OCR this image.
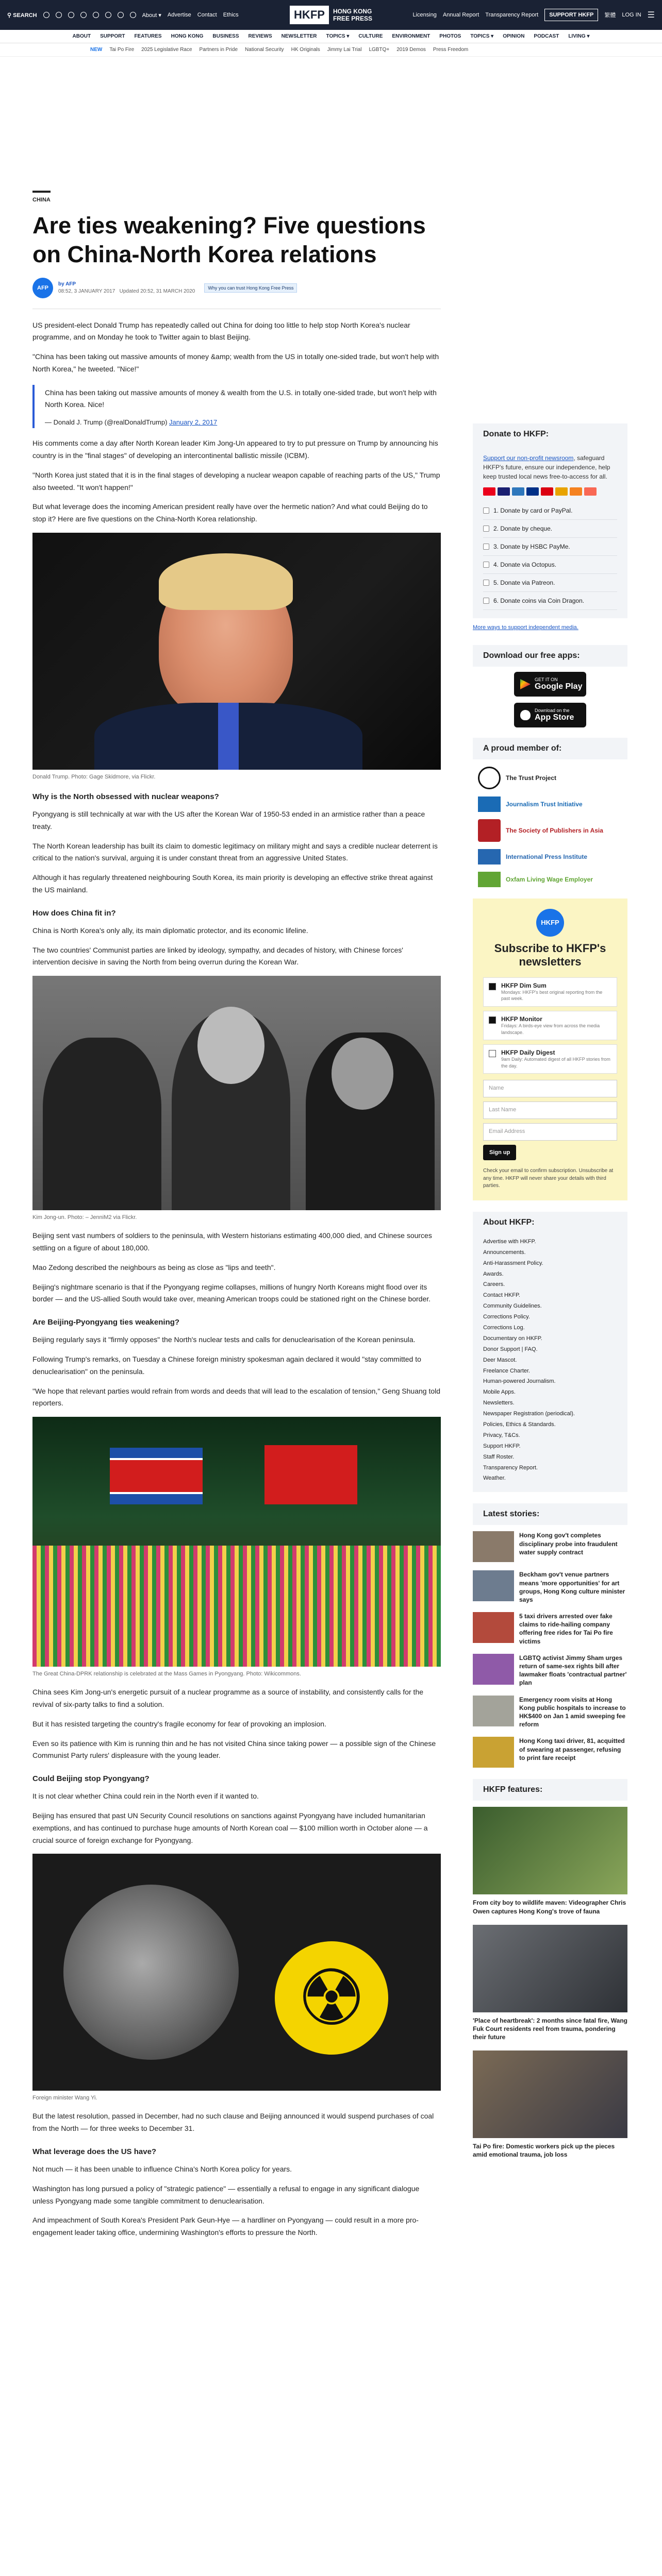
⚲ SEARCH	About ▾ Advertise Contact Ethics	HKFP	HONG KONG
FREE PRESS	Licensing Annual Report Transparency Report	SUPPORT HKFP	繁體 LOG IN ☰
ABOUT SUPPORT FEATURES HONG KONG BUSINESS REVIEWS NEWSLETTER TOPICS ▾ CULTURE ENVIRONMENT PHOTOS TOPICS ▾ OPINION PODCAST LIVING ▾
NEW Tai Po Fire 2025 Legislative Race Partners in Pride National Security HK Originals Jimmy Lai Trial LGBTQ+ 2019 Demos Press Freedom
CHINA
Are ties weakening? Five questions on China-North Korea relations
AFP
by AFP
08:52, 3 JANUARY 2017 Updated 20:52, 31 MARCH 2020
Why you can trust Hong Kong Free Press

US president-elect Donald Trump has repeatedly called out China for doing too little to help stop North Korea's nuclear programme, and on Monday he took to Twitter again to blast Beijing.

"China has been taking out massive amounts of money &amp; wealth from the US in totally one-sided trade, but won't help with North Korea," he tweeted. "Nice!"

China has been taking out massive amounts of money & wealth from the U.S. in totally one-sided trade, but won't help with North Korea. Nice!

— Donald J. Trump (@realDonaldTrump) January 2, 2017

His comments come a day after North Korean leader Kim Jong-Un appeared to try to put pressure on Trump by announcing his country is in the "final stages" of developing an intercontinental ballistic missile (ICBM).

"North Korea just stated that it is in the final stages of developing a nuclear weapon capable of reaching parts of the US," Trump also tweeted. "It won't happen!"

But what leverage does the incoming American president really have over the hermetic nation? And what could Beijing do to stop it? Here are five questions on the China-North Korea relationship.

Donald Trump. Photo: Gage Skidmore, via Flickr.
Why is the North obsessed with nuclear weapons?

Pyongyang is still technically at war with the US after the Korean War of 1950-53 ended in an armistice rather than a peace treaty.

The North Korean leadership has built its claim to domestic legitimacy on military might and says a credible nuclear deterrent is critical to the nation's survival, arguing it is under constant threat from an aggressive United States.

Although it has regularly threatened neighbouring South Korea, its main priority is developing an effective strike threat against the US mainland.

How does China fit in?

China is North Korea's only ally, its main diplomatic protector, and its economic lifeline.

The two countries' Communist parties are linked by ideology, sympathy, and decades of history, with Chinese forces' intervention decisive in saving the North from being overrun during the Korean War.

Kim Jong-un. Photo: – JenniM2 via Flickr.

Beijing sent vast numbers of soldiers to the peninsula, with Western historians estimating 400,000 died, and Chinese sources settling on a figure of about 180,000.

Mao Zedong described the neighbours as being as close as "lips and teeth".

Beijing's nightmare scenario is that if the Pyongyang regime collapses, millions of hungry North Koreans might flood over its border — and the US-allied South would take over, meaning American troops could be stationed right on the Chinese border.

Are Beijing-Pyongyang ties weakening?

Beijing regularly says it "firmly opposes" the North's nuclear tests and calls for denuclearisation of the Korean peninsula.

Following Trump's remarks, on Tuesday a Chinese foreign ministry spokesman again declared it would "stay committed to denuclearisation" on the peninsula.

"We hope that relevant parties would refrain from words and deeds that will lead to the escalation of tension," Geng Shuang told reporters.

The Great China-DPRK relationship is celebrated at the Mass Games in Pyongyang. Photo: Wikicommons.

China sees Kim Jong-un's energetic pursuit of a nuclear programme as a source of instability, and consistently calls for the revival of six-party talks to find a solution.

But it has resisted targeting the country's fragile economy for fear of provoking an implosion.

Even so its patience with Kim is running thin and he has not visited China since taking power — a possible sign of the Chinese Communist Party rulers' displeasure with the young leader.

Could Beijing stop Pyongyang?

It is not clear whether China could rein in the North even if it wanted to.

Beijing has ensured that past UN Security Council resolutions on sanctions against Pyongyang have included humanitarian exemptions, and has continued to purchase huge amounts of North Korean coal — $100 million worth in October alone — a crucial source of foreign exchange for Pyongyang.

☢
Foreign minister Wang Yi.

But the latest resolution, passed in December, had no such clause and Beijing announced it would suspend purchases of coal from the North — for three weeks to December 31.

What leverage does the US have?

Not much — it has been unable to influence China's North Korea policy for years.

Washington has long pursued a policy of "strategic patience" — essentially a refusal to engage in any significant dialogue unless Pyongyang made some tangible commitment to denuclearisation.

And impeachment of South Korea's President Park Geun-Hye — a hardliner on Pyongyang — could result in a more pro-engagement leader taking office, undermining Washington's efforts to pressure the North.

Donate to HKFP:
Support our non-profit newsroom, safeguard HKFP's future, ensure our independence, help keep trusted local news free-to-access for all.
1. Donate by card or PayPal.
2. Donate by cheque.
3. Donate by HSBC PayMe.
4. Donate via Octopus.
5. Donate via Patreon.
6. Donate coins via Coin Dragon.
More ways to support independent media.
Download our free apps:
GET IT ON
Google Play
Download on the
App Store
A proud member of:
The Trust Project
Journalism Trust Initiative
The Society of Publishers in Asia
International Press Institute
Oxfam Living Wage Employer
HKFP
Subscribe to HKFP's newsletters
HKFP Dim Sum
Mondays: HKFP's best original reporting from the past week.
HKFP Monitor
Fridays: A birds-eye view from across the media landscape.
HKFP Daily Digest
9am Daily: Automated digest of all HKFP stories from the day.
Name
Last Name
Email Address
Sign up
Check your email to confirm subscription. Unsubscribe at any time. HKFP will never share your details with third parties.
About HKFP:
Advertise with HKFP.
Announcements.
Anti-Harassment Policy.
Awards.
Careers.
Contact HKFP.
Community Guidelines.
Corrections Policy.
Corrections Log.
Documentary on HKFP.
Donor Support | FAQ.
Deer Mascot.
Freelance Charter.
Human-powered Journalism.
Mobile Apps.
Newsletters.
Newspaper Registration (periodical).
Policies, Ethics & Standards.
Privacy, T&Cs.
Support HKFP.
Staff Roster.
Transparency Report.
Weather.
Latest stories:
Hong Kong gov't completes disciplinary probe into fraudulent water supply contract
Beckham gov't venue partners means 'more opportunities' for art groups, Hong Kong culture minister says
5 taxi drivers arrested over fake claims to ride-hailing company offering free rides for Tai Po fire victims
LGBTQ activist Jimmy Sham urges return of same-sex rights bill after lawmaker floats 'contractual partner' plan
Emergency room visits at Hong Kong public hospitals to increase to HK$400 on Jan 1 amid sweeping fee reform
Hong Kong taxi driver, 81, acquitted of swearing at passenger, refusing to print fare receipt
HKFP features:
From city boy to wildlife maven: Videographer Chris Owen captures Hong Kong's trove of fauna
'Place of heartbreak': 2 months since fatal fire, Wang Fuk Court residents reel from trauma, pondering their future
Tai Po fire: Domestic workers pick up the pieces amid emotional trauma, job loss
